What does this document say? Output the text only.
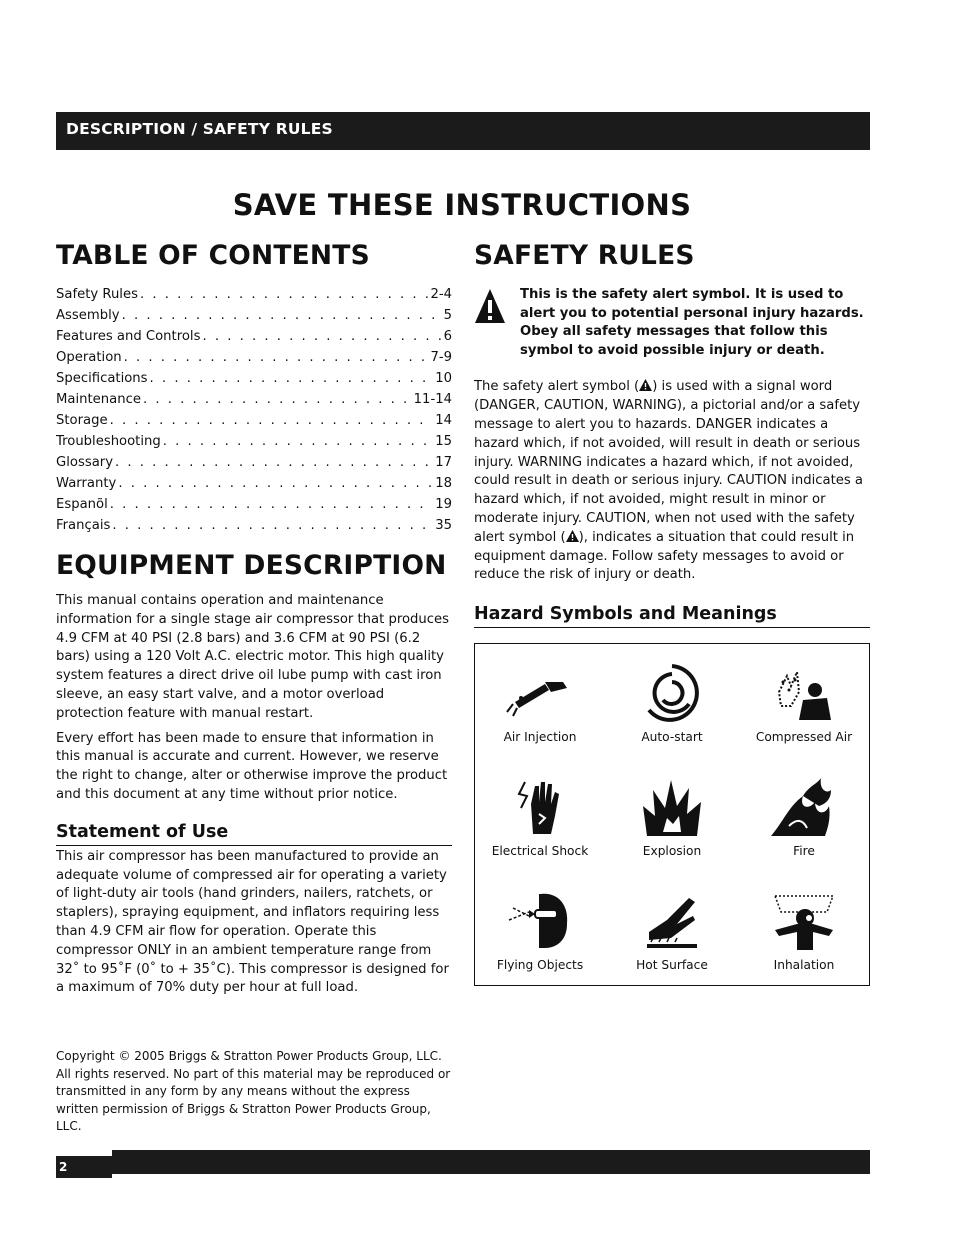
DESCRIPTION / SAFETY RULES
SAVE THESE INSTRUCTIONS
TABLE OF CONTENTS
Safety Rules . . .	2-4
Assembly . . .	5
Features and Controls . . .	6
Operation . . .	7-9
Specifications . . .	10
Maintenance . . .	11-14
Storage . . .	14
Troubleshooting . . .	15
Glossary . . .	17
Warranty . . .	18
Espanõl . . .	19
Français . . .	35
EQUIPMENT DESCRIPTION

This manual contains operation and maintenance information for a single stage air compressor that produces 4.9 CFM at 40 PSI (2.8 bars) and 3.6 CFM at 90 PSI (6.2 bars) using a 120 Volt A.C. electric motor. This high quality system features a direct drive oil lube pump with cast iron sleeve, an easy start valve, and a motor overload protection feature with manual restart.

Every effort has been made to ensure that information in this manual is accurate and current. However, we reserve the right to change, alter or otherwise improve the product and this document at any time without prior notice.

Statement of Use

This air compressor has been manufactured to provide an adequate volume of compressed air for operating a variety of light-duty air tools (hand grinders, nailers, ratchets, or staplers), spraying equipment, and inflators requiring less than 4.9 CFM air flow for operation. Operate this compressor ONLY in an ambient temperature range from 32˚ to 95˚F (0˚ to + 35˚C). This compressor is designed for a maximum of 70% duty per hour at full load.

Copyright © 2005 Briggs & Stratton Power Products Group, LLC. All rights reserved. No part of this material may be reproduced or transmitted in any form by any means without the express written permission of Briggs & Stratton Power Products Group, LLC.

SAFETY RULES

This is the safety alert symbol. It is used to alert you to potential personal injury hazards. Obey all safety messages that follow this symbol to avoid possible injury or death.

The safety alert symbol ( ) is used with a signal word (DANGER, CAUTION, WARNING), a pictorial and/or a safety message to alert you to hazards. DANGER indicates a hazard which, if not avoided, will result in death or serious injury. WARNING indicates a hazard which, if not avoided, could result in death or serious injury. CAUTION indicates a hazard which, if not avoided, might result in minor or moderate injury. CAUTION, when not used with the safety alert symbol ( ), indicates a situation that could result in equipment damage. Follow safety messages to avoid or reduce the risk of injury or death.

Hazard Symbols and Meanings
Air Injection	Auto-start	Compressed Air
Electrical Shock	Explosion	Fire
Flying Objects	Hot Surface	Inhalation
2
